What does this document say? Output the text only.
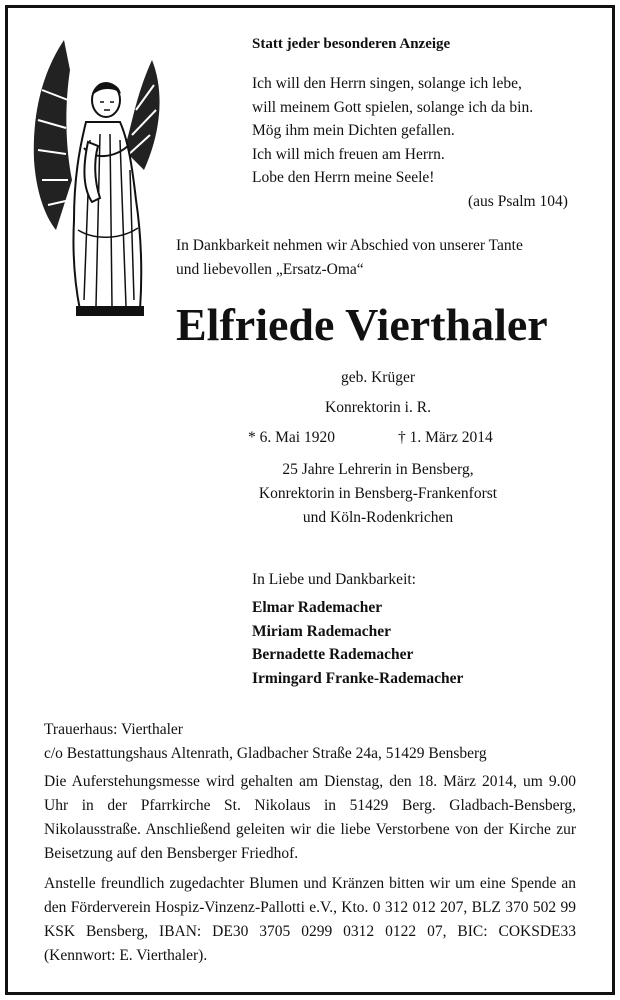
Statt jeder besonderen Anzeige
Ich will den Herrn singen, solange ich lebe,
will meinem Gott spielen, solange ich da bin.
Mög ihm mein Dichten gefallen.
Ich will mich freuen am Herrn.
Lobe den Herrn meine Seele!
(aus Psalm 104)
In Dankbarkeit nehmen wir Abschied von unserer Tante
und liebevollen „Ersatz-Oma“
Elfriede Vierthaler
geb. Krüger
Konrektorin i. R.
* 6. Mai 1920	† 1. März 2014
25 Jahre Lehrerin in Bensberg,
Konrektorin in Bensberg-Frankenforst
und Köln-Rodenkrichen
In Liebe und Dankbarkeit:
Elmar Rademacher
Miriam Rademacher
Bernadette Rademacher
Irmingard Franke-Rademacher
Trauerhaus: Vierthaler
c/o Bestattungshaus Altenrath, Gladbacher Straße 24a, 51429 Bensberg
Die Auferstehungsmesse wird gehalten am Dienstag, den 18. März 2014, um 9.00 Uhr in der Pfarrkirche St. Nikolaus in 51429 Berg. Gladbach-Bensberg, Nikolausstraße. Anschließend geleiten wir die liebe Verstorbene von der Kirche zur Beisetzung auf den Bensberger Friedhof.
Anstelle freundlich zugedachter Blumen und Kränzen bitten wir um eine Spende an den Förderverein Hospiz-Vinzenz-Pallotti e.V., Kto. 0 312 012 207, BLZ 370 502 99 KSK Bensberg, IBAN: DE30 3705 0299 0312 0122 07, BIC: COKSDE33 (Kennwort: E. Vierthaler).
